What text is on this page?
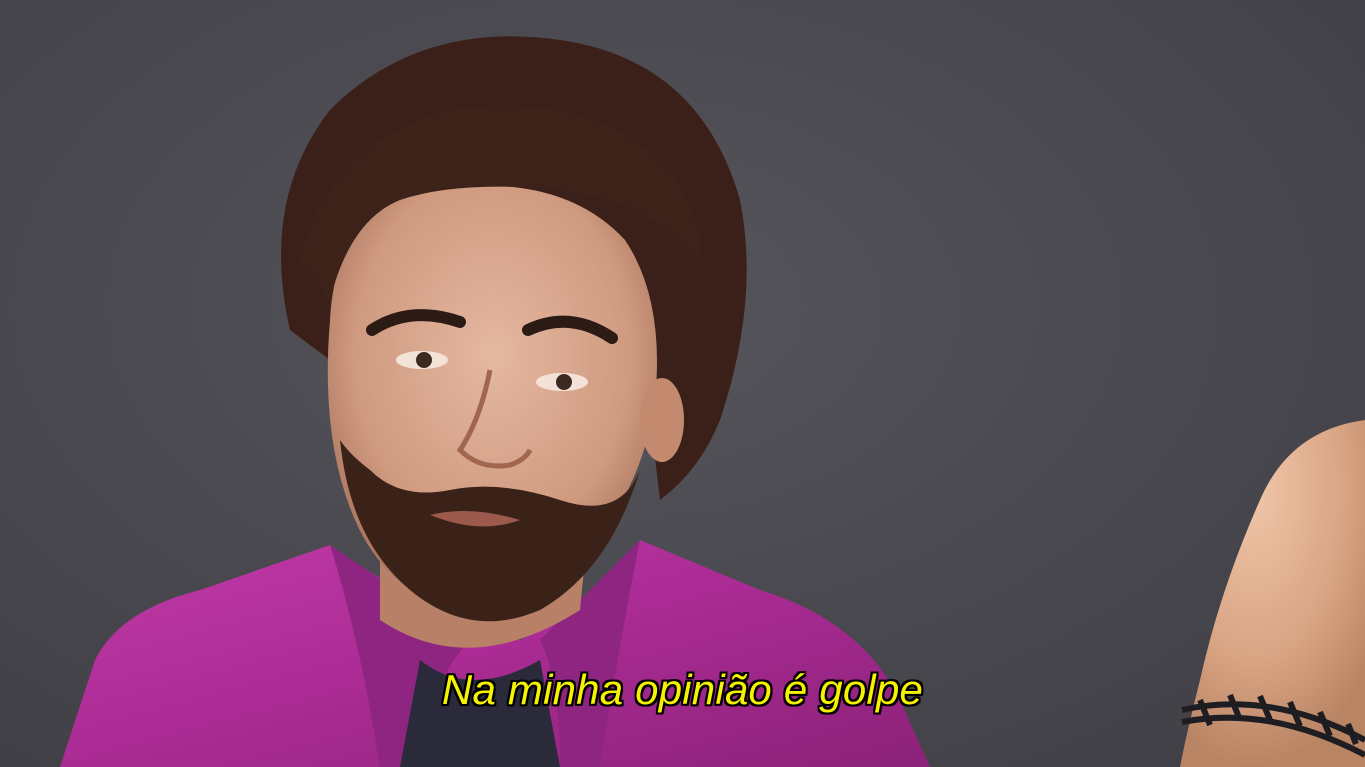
Na minha opinião é golpe
